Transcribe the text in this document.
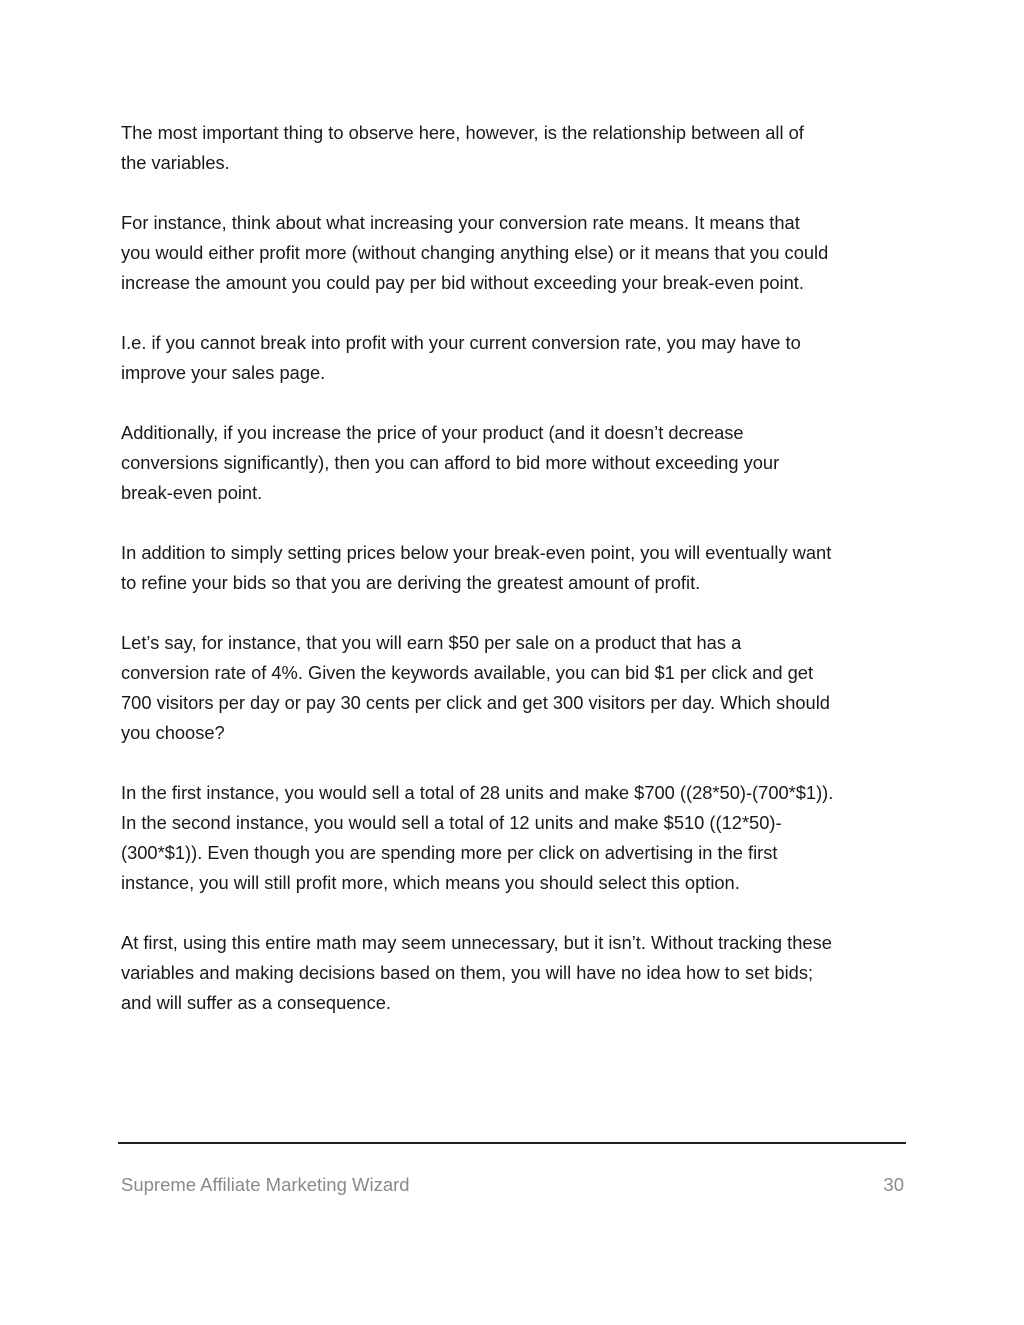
The most important thing to observe here, however, is the relationship between all of
the variables.

For instance, think about what increasing your conversion rate means. It means that
you would either profit more (without changing anything else) or it means that you could
increase the amount you could pay per bid without exceeding your break-even point.

I.e. if you cannot break into profit with your current conversion rate, you may have to
improve your sales page.

Additionally, if you increase the price of your product (and it doesn’t decrease
conversions significantly), then you can afford to bid more without exceeding your
break-even point.

In addition to simply setting prices below your break-even point, you will eventually want
to refine your bids so that you are deriving the greatest amount of profit.

Let’s say, for instance, that you will earn $50 per sale on a product that has a
conversion rate of 4%. Given the keywords available, you can bid $1 per click and get
700 visitors per day or pay 30 cents per click and get 300 visitors per day. Which should
you choose?

In the first instance, you would sell a total of 28 units and make $700 ((28*50)-(700*$1)).
In the second instance, you would sell a total of 12 units and make $510 ((12*50)-
(300*$1)). Even though you are spending more per click on advertising in the first
instance, you will still profit more, which means you should select this option.

At first, using this entire math may seem unnecessary, but it isn’t. Without tracking these
variables and making decisions based on them, you will have no idea how to set bids;
and will suffer as a consequence.

Supreme Affiliate Marketing Wizard	30
